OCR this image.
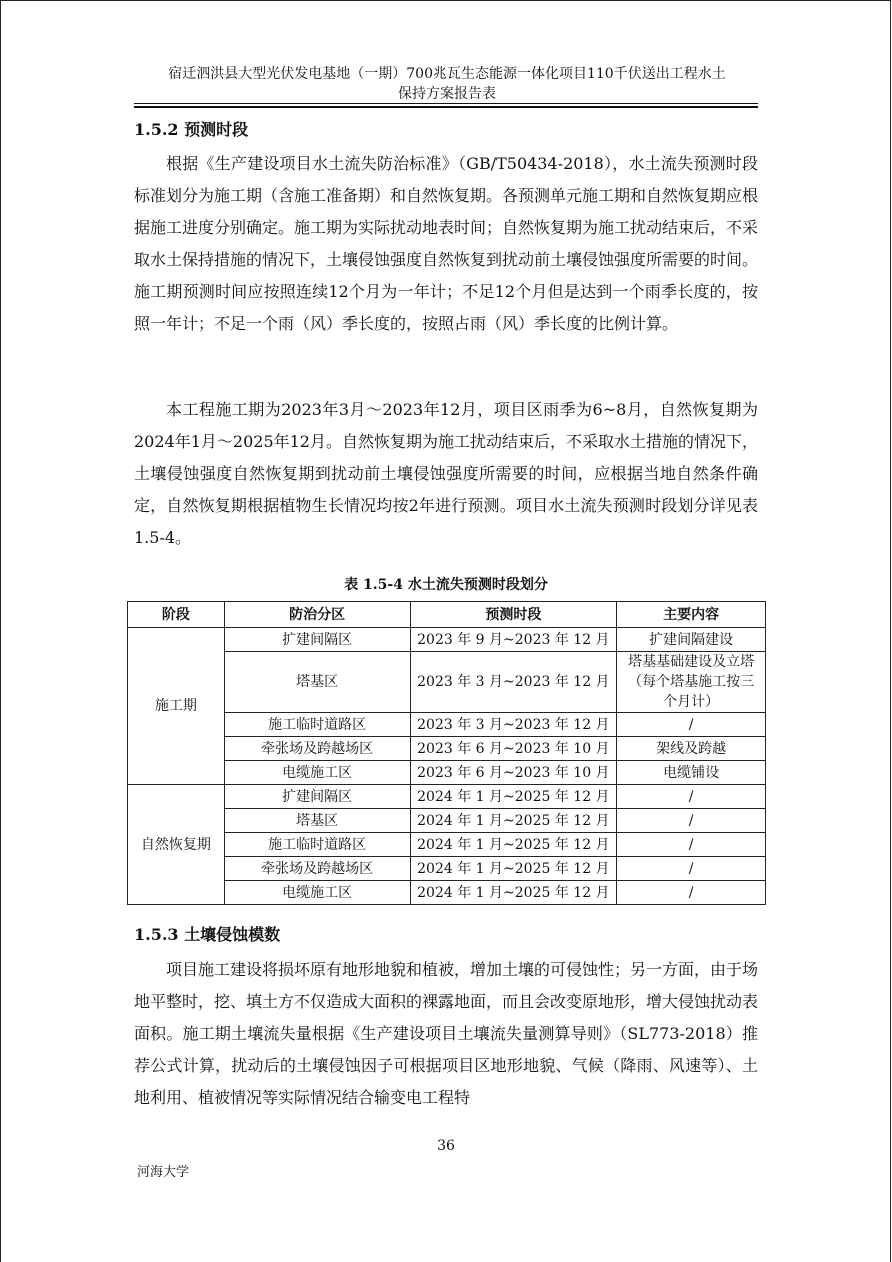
宿迁泗洪县大型光伏发电基地（一期）700兆瓦生态能源一体化项目110千伏送出工程水土
保持方案报告表
1.5.2 预测时段

根据《生产建设项目水土流失防治标准》（GB/T50434-2018），水土流失预测时段标准划分为施工期（含施工准备期）和自然恢复期。各预测单元施工期和自然恢复期应根据施工进度分别确定。施工期为实际扰动地表时间；自然恢复期为施工扰动结束后，不采取水土保持措施的情况下，土壤侵蚀强度自然恢复到扰动前土壤侵蚀强度所需要的时间。施工期预测时间应按照连续12个月为一年计；不足12个月但是达到一个雨季长度的，按照一年计；不足一个雨（风）季长度的，按照占雨（风）季长度的比例计算。

本工程施工期为2023年3月～2023年12月，项目区雨季为6~8月，自然恢复期为2024年1月～2025年12月。自然恢复期为施工扰动结束后，不采取水土措施的情况下，土壤侵蚀强度自然恢复期到扰动前土壤侵蚀强度所需要的时间，应根据当地自然条件确定，自然恢复期根据植物生长情况均按2年进行预测。项目水土流失预测时段划分详见表1.5-4。

表 1.5-4 水土流失预测时段划分
阶段	防治分区	预测时段	主要内容
施工期	扩建间隔区	2023 年 9 月~2023 年 12 月	扩建间隔建设
	塔基区	2023 年 3 月~2023 年 12 月	塔基基础建设及立塔（每个塔基施工按三个月计）
	施工临时道路区	2023 年 3 月~2023 年 12 月	/
	牵张场及跨越场区	2023 年 6 月~2023 年 10 月	架线及跨越
	电缆施工区	2023 年 6 月~2023 年 10 月	电缆铺设
自然恢复期	扩建间隔区	2024 年 1 月~2025 年 12 月	/
	塔基区	2024 年 1 月~2025 年 12 月	/
	施工临时道路区	2024 年 1 月~2025 年 12 月	/
	牵张场及跨越场区	2024 年 1 月~2025 年 12 月	/
	电缆施工区	2024 年 1 月~2025 年 12 月	/
1.5.3 土壤侵蚀模数

项目施工建设将损坏原有地形地貌和植被，增加土壤的可侵蚀性；另一方面，由于场地平整时，挖、填土方不仅造成大面积的裸露地面，而且会改变原地形，增大侵蚀扰动表面积。施工期土壤流失量根据《生产建设项目土壤流失量测算导则》（SL773-2018）推荐公式计算，扰动后的土壤侵蚀因子可根据项目区地形地貌、气候（降雨、风速等）、土地利用、植被情况等实际情况结合输变电工程特

36
河海大学
